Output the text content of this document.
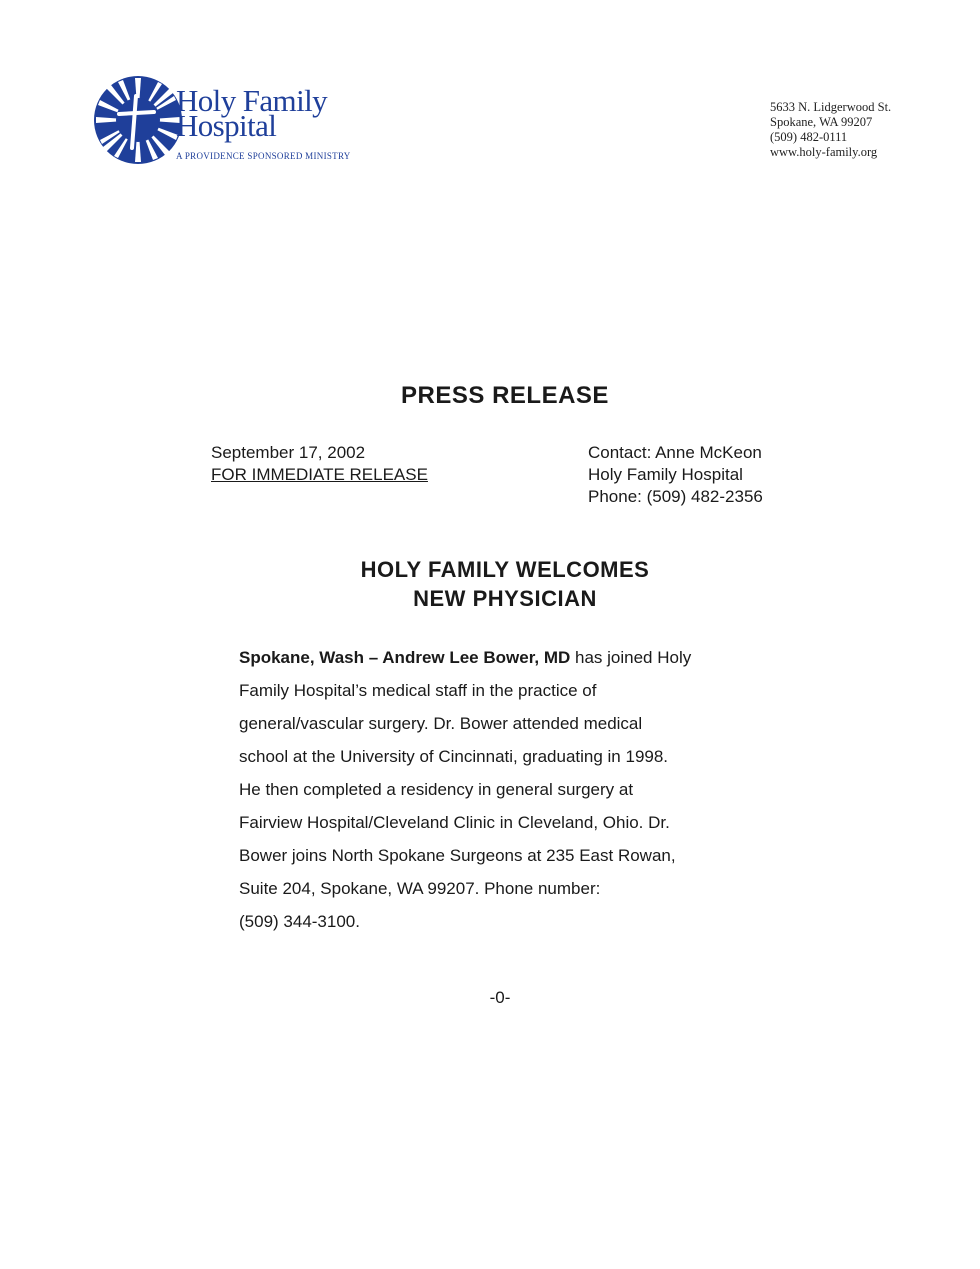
Holy Family
Hospital
A PROVIDENCE SPONSORED MINISTRY
5633 N. Lidgerwood St.
Spokane, WA 99207
(509) 482-0111
www.holy-family.org
PRESS RELEASE
September 17, 2002
FOR IMMEDIATE RELEASE
Contact: Anne McKeon
Holy Family Hospital
Phone: (509) 482-2356
HOLY FAMILY WELCOMES
NEW PHYSICIAN
Spokane, Wash – Andrew Lee Bower, MD has joined Holy
Family Hospital’s medical staff in the practice of
general/vascular surgery. Dr. Bower attended medical
school at the University of Cincinnati, graduating in 1998.
He then completed a residency in general surgery at
Fairview Hospital/Cleveland Clinic in Cleveland, Ohio. Dr.
Bower joins North Spokane Surgeons at 235 East Rowan,
Suite 204, Spokane, WA 99207. Phone number:
(509) 344-3100.
-0-
